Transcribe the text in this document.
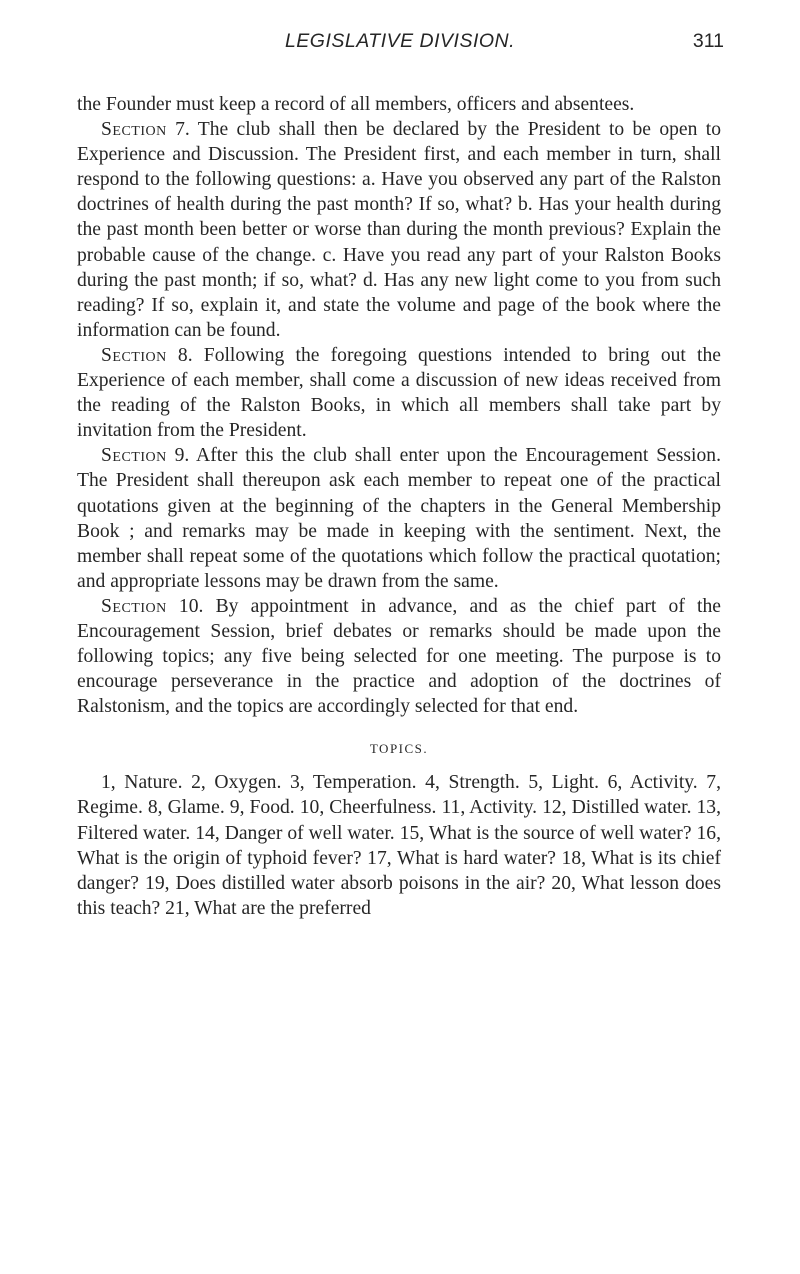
LEGISLATIVE DIVISION.	311

the Founder must keep a record of all members, officers and absentees.

Section 7. The club shall then be declared by the President to be open to Experience and Discussion. The President first, and each member in turn, shall respond to the following questions: a. Have you observed any part of the Ralston doctrines of health during the past month? If so, what? b. Has your health during the past month been better or worse than during the month previous? Explain the probable cause of the change. c. Have you read any part of your Ralston Books during the past month; if so, what? d. Has any new light come to you from such reading? If so, explain it, and state the volume and page of the book where the information can be found.

Section 8. Following the foregoing questions intended to bring out the Experience of each member, shall come a discussion of new ideas received from the reading of the Ralston Books, in which all members shall take part by invitation from the President.

Section 9. After this the club shall enter upon the Encouragement Session. The President shall thereupon ask each member to repeat one of the practical quotations given at the beginning of the chapters in the General Membership Book ; and remarks may be made in keeping with the sentiment. Next, the member shall repeat some of the quotations which follow the practical quotation; and appropriate lessons may be drawn from the same.

Section 10. By appointment in advance, and as the chief part of the Encouragement Session, brief debates or remarks should be made upon the following topics; any five being selected for one meeting. The purpose is to encourage perseverance in the practice and adoption of the doctrines of Ralstonism, and the topics are accordingly selected for that end.

TOPICS.

1, Nature. 2, Oxygen. 3, Temperation. 4, Strength. 5, Light. 6, Activity. 7, Regime. 8, Glame. 9, Food. 10, Cheerfulness. 11, Activity. 12, Distilled water. 13, Filtered water. 14, Danger of well water. 15, What is the source of well water? 16, What is the origin of typhoid fever? 17, What is hard water? 18, What is its chief danger? 19, Does distilled water absorb poisons in the air? 20, What lesson does this teach? 21, What are the preferred
